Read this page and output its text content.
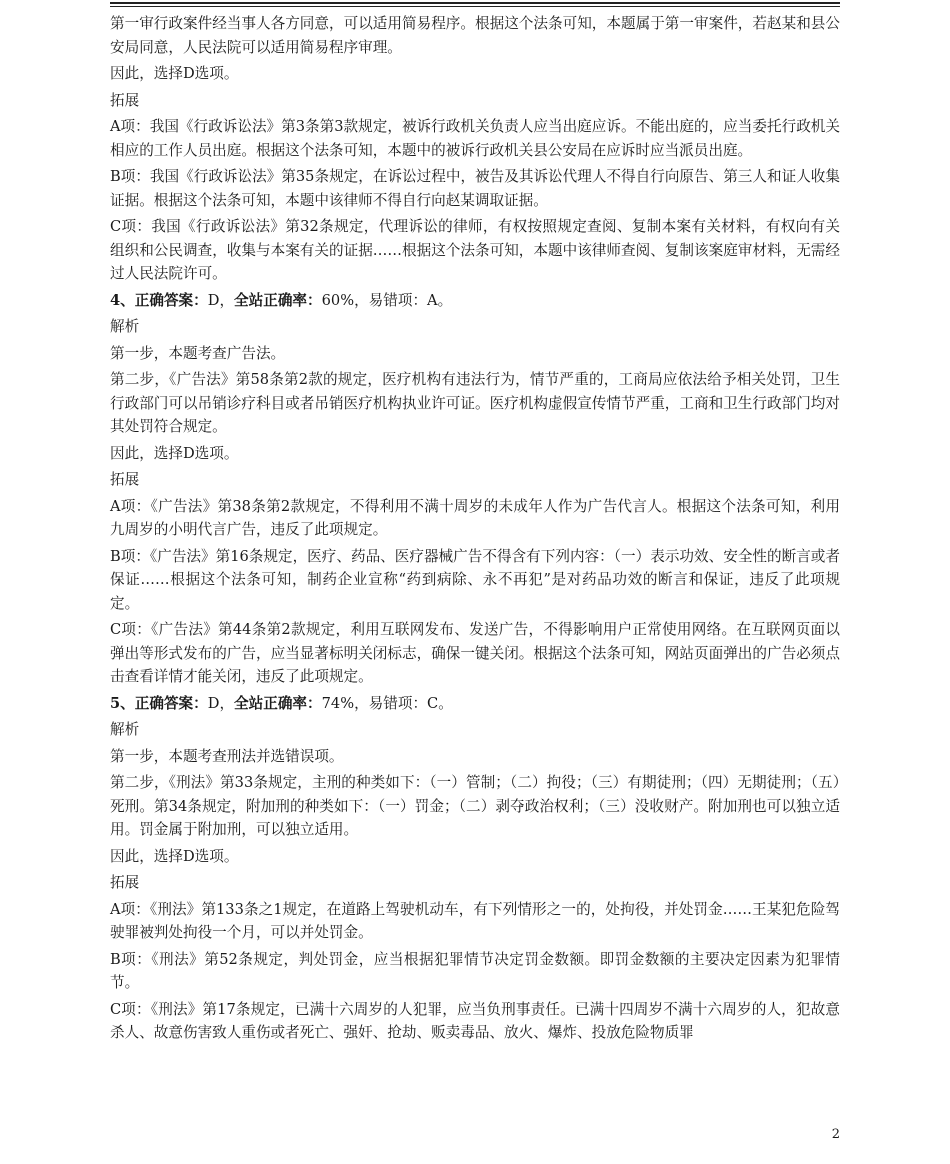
第一审行政案件经当事人各方同意，可以适用简易程序。根据这个法条可知，本题属于第一审案件，若赵某和县公安局同意，人民法院可以适用简易程序审理。

因此，选择D选项。

拓展

A项：我国《行政诉讼法》第3条第3款规定，被诉行政机关负责人应当出庭应诉。不能出庭的，应当委托行政机关相应的工作人员出庭。根据这个法条可知，本题中的被诉行政机关县公安局在应诉时应当派员出庭。

B项：我国《行政诉讼法》第35条规定，在诉讼过程中，被告及其诉讼代理人不得自行向原告、第三人和证人收集证据。根据这个法条可知，本题中该律师不得自行向赵某调取证据。

C项：我国《行政诉讼法》第32条规定，代理诉讼的律师，有权按照规定查阅、复制本案有关材料，有权向有关组织和公民调查，收集与本案有关的证据……根据这个法条可知，本题中该律师查阅、复制该案庭审材料，无需经过人民法院许可。

4、正确答案：D，全站正确率：60%，易错项：A。

解析

第一步，本题考查广告法。

第二步，《广告法》第58条第2款的规定，医疗机构有违法行为，情节严重的，工商局应依法给予相关处罚，卫生行政部门可以吊销诊疗科目或者吊销医疗机构执业许可证。医疗机构虚假宣传情节严重，工商和卫生行政部门均对其处罚符合规定。

因此，选择D选项。

拓展

A项：《广告法》第38条第2款规定，不得利用不满十周岁的未成年人作为广告代言人。根据这个法条可知，利用九周岁的小明代言广告，违反了此项规定。

B项：《广告法》第16条规定，医疗、药品、医疗器械广告不得含有下列内容：（一）表示功效、安全性的断言或者保证……根据这个法条可知，制药企业宣称“药到病除、永不再犯”是对药品功效的断言和保证，违反了此项规定。

C项：《广告法》第44条第2款规定，利用互联网发布、发送广告，不得影响用户正常使用网络。在互联网页面以弹出等形式发布的广告，应当显著标明关闭标志，确保一键关闭。根据这个法条可知，网站页面弹出的广告必须点击查看详情才能关闭，违反了此项规定。

5、正确答案：D，全站正确率：74%，易错项：C。

解析

第一步，本题考查刑法并选错误项。

第二步，《刑法》第33条规定，主刑的种类如下：（一）管制；（二）拘役；（三）有期徒刑；（四）无期徒刑；（五）死刑。第34条规定，附加刑的种类如下：（一）罚金；（二）剥夺政治权利；（三）没收财产。附加刑也可以独立适用。罚金属于附加刑，可以独立适用。

因此，选择D选项。

拓展

A项：《刑法》第133条之1规定，在道路上驾驶机动车，有下列情形之一的，处拘役，并处罚金……王某犯危险驾驶罪被判处拘役一个月，可以并处罚金。

B项：《刑法》第52条规定，判处罚金，应当根据犯罪情节决定罚金数额。即罚金数额的主要决定因素为犯罪情节。

C项：《刑法》第17条规定，已满十六周岁的人犯罪，应当负刑事责任。已满十四周岁不满十六周岁的人，犯故意杀人、故意伤害致人重伤或者死亡、强奸、抢劫、贩卖毒品、放火、爆炸、投放危险物质罪

2
